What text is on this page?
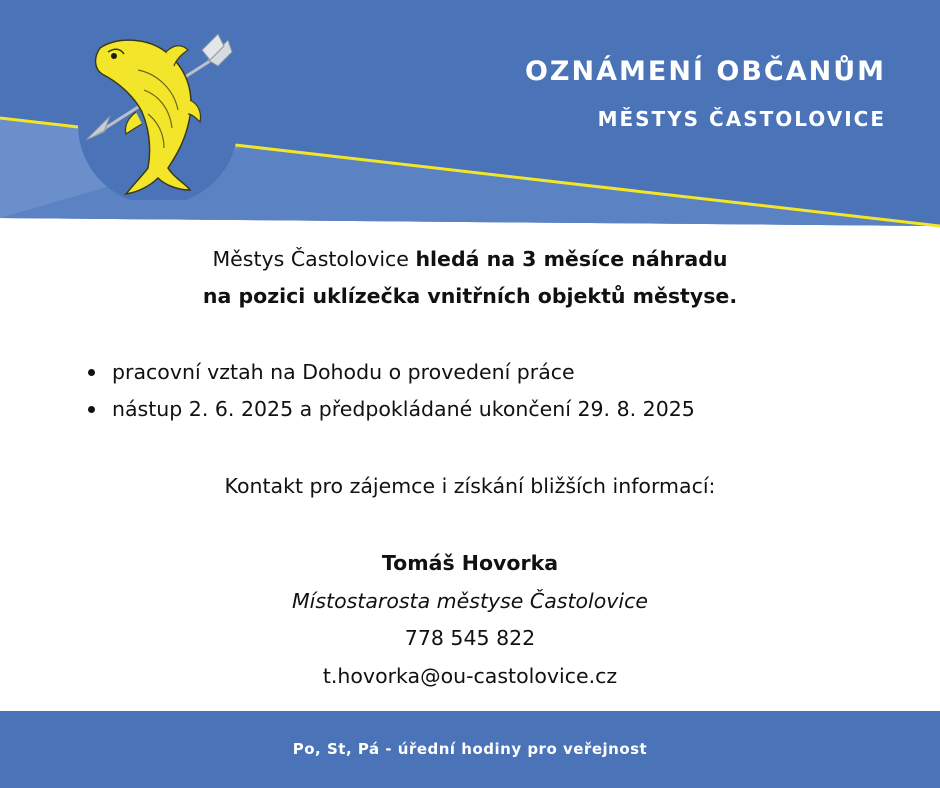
OZNÁMENÍ OBČANŮM
MĚSTYS ČASTOLOVICE
Městys Častolovice hledá na 3 měsíce náhradu
na pozici uklízečka vnitřních objektů městyse.
pracovní vztah na Dohodu o provedení práce
nástup 2. 6. 2025 a předpokládané ukončení 29. 8. 2025
Kontakt pro zájemce i získání bližších informací:
Tomáš Hovorka
Místostarosta městyse Častolovice
778 545 822
t.hovorka@ou-castolovice.cz
Po, St, Pá - úřední hodiny pro veřejnost
